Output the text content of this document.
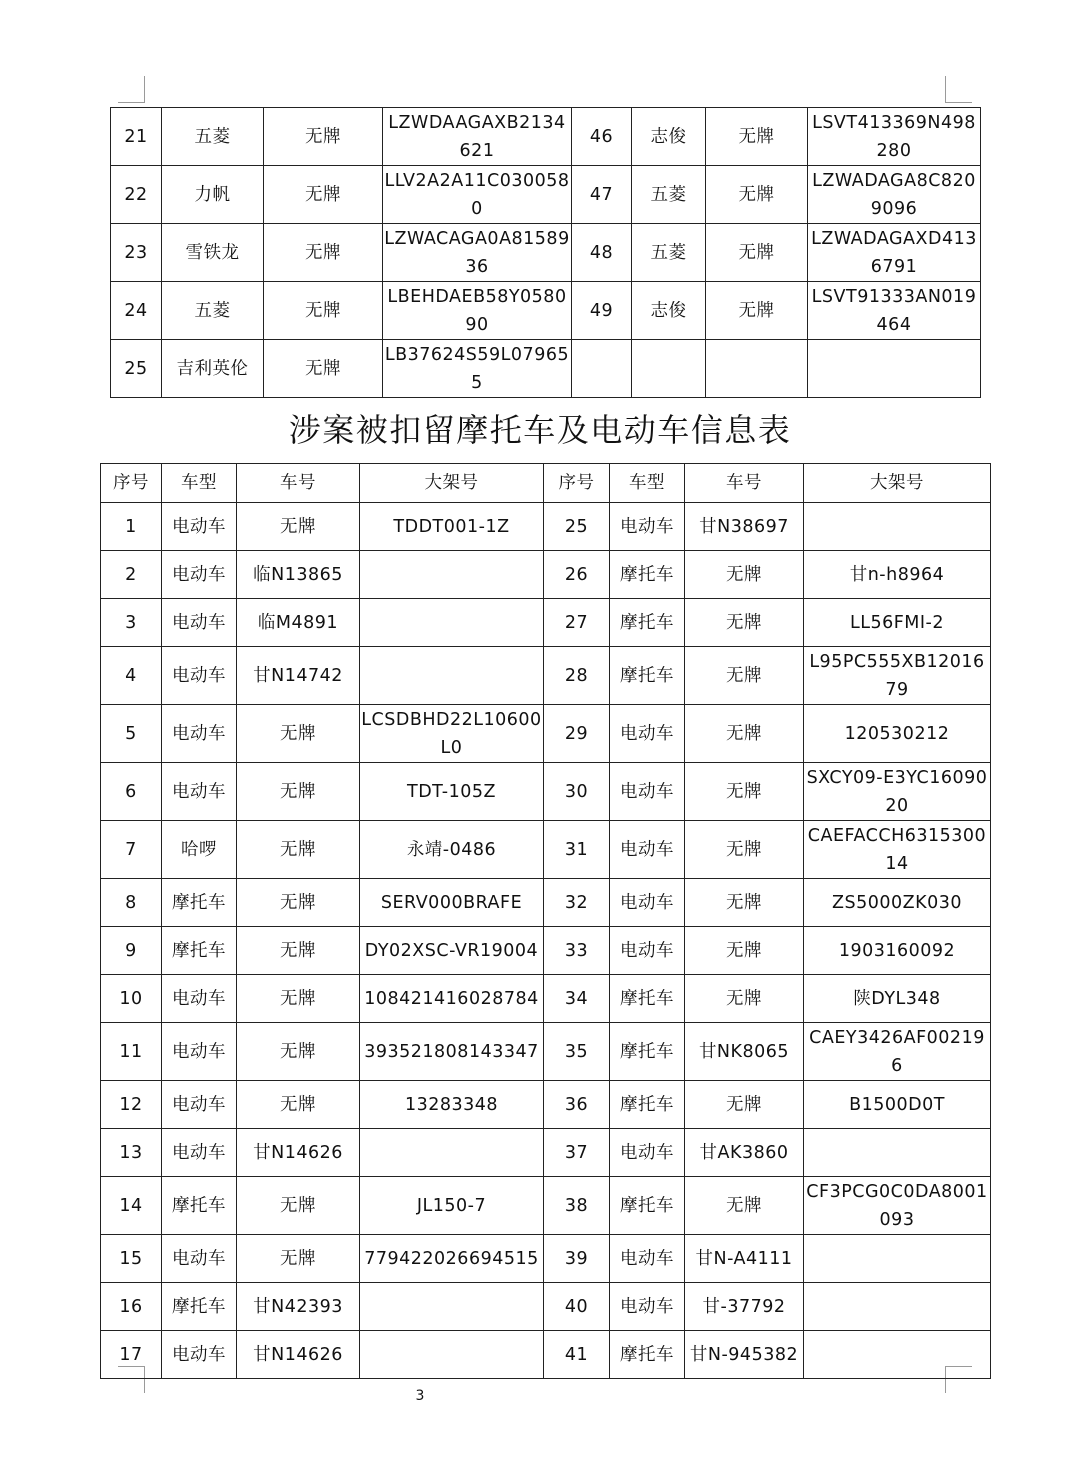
21	五菱	无牌	LZWDAAGAXB2134621	46	志俊	无牌	LSVT413369N498280
22	力帆	无牌	LLV2A2A11C0300580	47	五菱	无牌	LZWADAGA8C8209096
23	雪铁龙	无牌	LZWACAGA0A8158936	48	五菱	无牌	LZWADAGAXD4136791
24	五菱	无牌	LBEHDAEB58Y058090	49	志俊	无牌	LSVT91333AN019464
25	吉利英伦	无牌	LB37624S59L079655				
涉案被扣留摩托车及电动车信息表
序号	车型	车号	大架号	序号	车型	车号	大架号
1	电动车	无牌	TDDT001-1Z	25	电动车	甘N38697	
2	电动车	临N13865		26	摩托车	无牌	甘n-h8964
3	电动车	临M4891		27	摩托车	无牌	LL56FMI-2
4	电动车	甘N14742		28	摩托车	无牌	L95PC555XB1201679
5	电动车	无牌	LCSDBHD22L10600L0	29	电动车	无牌	120530212
6	电动车	无牌	TDT-105Z	30	电动车	无牌	SXCY09-E3YC1609020
7	哈啰	无牌	永靖-0486	31	电动车	无牌	CAEFACCH631530014
8	摩托车	无牌	SERV000BRAFE	32	电动车	无牌	ZS5000ZK030
9	摩托车	无牌	DY02XSC-VR19004	33	电动车	无牌	1903160092
10	电动车	无牌	108421416028784	34	摩托车	无牌	陕DYL348
11	电动车	无牌	393521808143347	35	摩托车	甘NK8065	CAEY3426AF002196
12	电动车	无牌	13283348	36	摩托车	无牌	B1500D0T
13	电动车	甘N14626		37	电动车	甘AK3860	
14	摩托车	无牌	JL150-7	38	摩托车	无牌	CF3PCG0C0DA8001093
15	电动车	无牌	779422026694515	39	电动车	甘N-A4111	
16	摩托车	甘N42393		40	电动车	甘-37792	
17	电动车	甘N14626		41	摩托车	甘N-945382	
3
